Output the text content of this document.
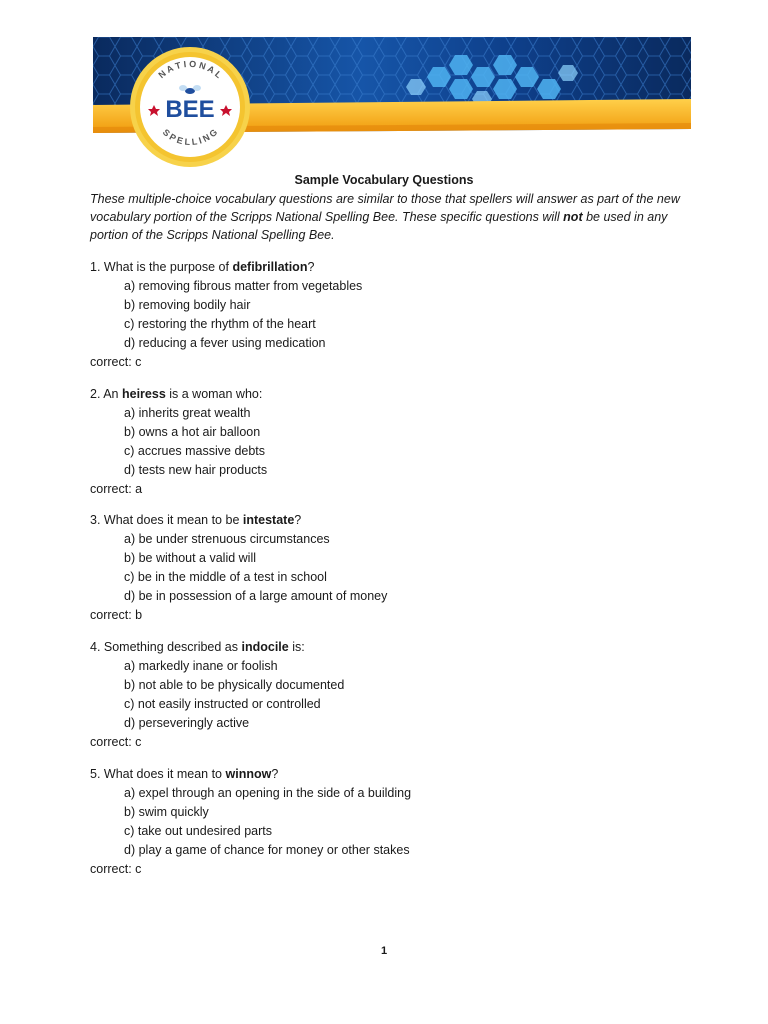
N A T I O N A L
S P E L L I N G
BEE
Sample Vocabulary Questions
These multiple-choice vocabulary questions are similar to those that spellers will answer as part of the new vocabulary portion of the Scripps National Spelling Bee. These specific questions will not be used in any portion of the Scripps National Spelling Bee.
1. What is the purpose of defibrillation?
a) removing fibrous matter from vegetables
b) removing bodily hair
c) restoring the rhythm of the heart
d) reducing a fever using medication
correct: c
2. An heiress is a woman who:
a) inherits great wealth
b) owns a hot air balloon
c) accrues massive debts
d) tests new hair products
correct: a
3. What does it mean to be intestate?
a) be under strenuous circumstances
b) be without a valid will
c) be in the middle of a test in school
d) be in possession of a large amount of money
correct: b
4. Something described as indocile is:
a) markedly inane or foolish
b) not able to be physically documented
c) not easily instructed or controlled
d) perseveringly active
correct: c
5. What does it mean to winnow?
a) expel through an opening in the side of a building
b) swim quickly
c) take out undesired parts
d) play a game of chance for money or other stakes
correct: c
1
